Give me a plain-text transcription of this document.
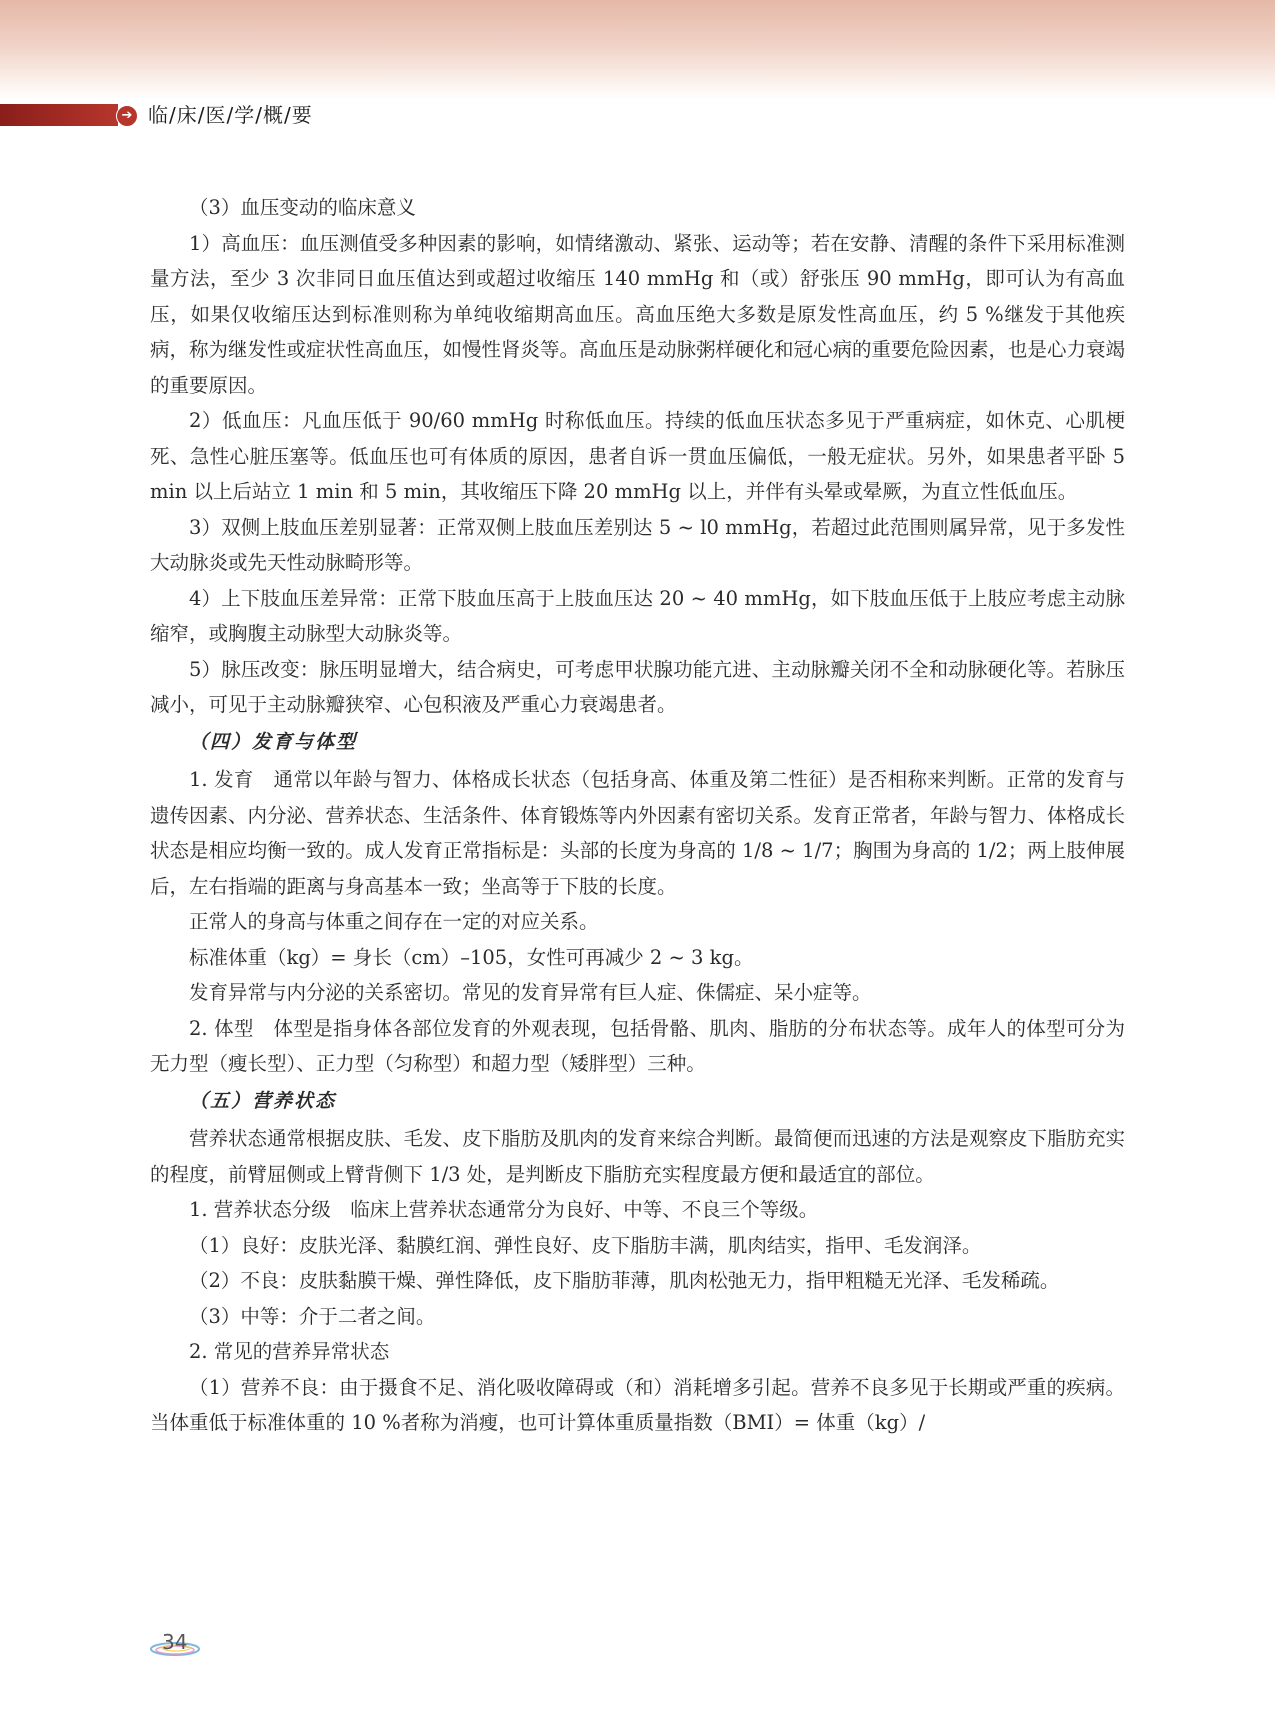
➔ 临/床/医/学/概/要

（3）血压变动的临床意义

1）高血压：血压测值受多种因素的影响，如情绪激动、紧张、运动等；若在安静、清醒的条件下采用标准测量方法，至少 3 次非同日血压值达到或超过收缩压 140 mmHg 和（或）舒张压 90 mmHg，即可认为有高血压，如果仅收缩压达到标准则称为单纯收缩期高血压。高血压绝大多数是原发性高血压，约 5 %继发于其他疾病，称为继发性或症状性高血压，如慢性肾炎等。高血压是动脉粥样硬化和冠心病的重要危险因素，也是心力衰竭的重要原因。

2）低血压：凡血压低于 90/60 mmHg 时称低血压。持续的低血压状态多见于严重病症，如休克、心肌梗死、急性心脏压塞等。低血压也可有体质的原因，患者自诉一贯血压偏低，一般无症状。另外，如果患者平卧 5 min 以上后站立 1 min 和 5 min，其收缩压下降 20 mmHg 以上，并伴有头晕或晕厥，为直立性低血压。

3）双侧上肢血压差别显著：正常双侧上肢血压差别达 5 ~ l0 mmHg，若超过此范围则属异常，见于多发性大动脉炎或先天性动脉畸形等。

4）上下肢血压差异常：正常下肢血压高于上肢血压达 20 ~ 40 mmHg，如下肢血压低于上肢应考虑主动脉缩窄，或胸腹主动脉型大动脉炎等。

5）脉压改变：脉压明显增大，结合病史，可考虑甲状腺功能亢进、主动脉瓣关闭不全和动脉硬化等。若脉压减小，可见于主动脉瓣狭窄、心包积液及严重心力衰竭患者。

（四）发育与体型

1. 发育　通常以年龄与智力、体格成长状态（包括身高、体重及第二性征）是否相称来判断。正常的发育与遗传因素、内分泌、营养状态、生活条件、体育锻炼等内外因素有密切关系。发育正常者，年龄与智力、体格成长状态是相应均衡一致的。成人发育正常指标是：头部的长度为身高的 1/8 ~ 1/7；胸围为身高的 1/2；两上肢伸展后，左右指端的距离与身高基本一致；坐高等于下肢的长度。

正常人的身高与体重之间存在一定的对应关系。

标准体重（kg）= 身长（cm）–105，女性可再减少 2 ~ 3 kg。

发育异常与内分泌的关系密切。常见的发育异常有巨人症、侏儒症、呆小症等。

2. 体型　体型是指身体各部位发育的外观表现，包括骨骼、肌肉、脂肪的分布状态等。成年人的体型可分为无力型（瘦长型）、正力型（匀称型）和超力型（矮胖型）三种。

（五）营养状态

营养状态通常根据皮肤、毛发、皮下脂肪及肌肉的发育来综合判断。最简便而迅速的方法是观察皮下脂肪充实的程度，前臂屈侧或上臂背侧下 1/3 处，是判断皮下脂肪充实程度最方便和最适宜的部位。

1. 营养状态分级　临床上营养状态通常分为良好、中等、不良三个等级。

（1）良好：皮肤光泽、黏膜红润、弹性良好、皮下脂肪丰满，肌肉结实，指甲、毛发润泽。

（2）不良：皮肤黏膜干燥、弹性降低，皮下脂肪菲薄，肌肉松弛无力，指甲粗糙无光泽、毛发稀疏。

（3）中等：介于二者之间。

2. 常见的营养异常状态

（1）营养不良：由于摄食不足、消化吸收障碍或（和）消耗增多引起。营养不良多见于长期或严重的疾病。当体重低于标准体重的 10 %者称为消瘦，也可计算体重质量指数（BMI）= 体重（kg）/

34
